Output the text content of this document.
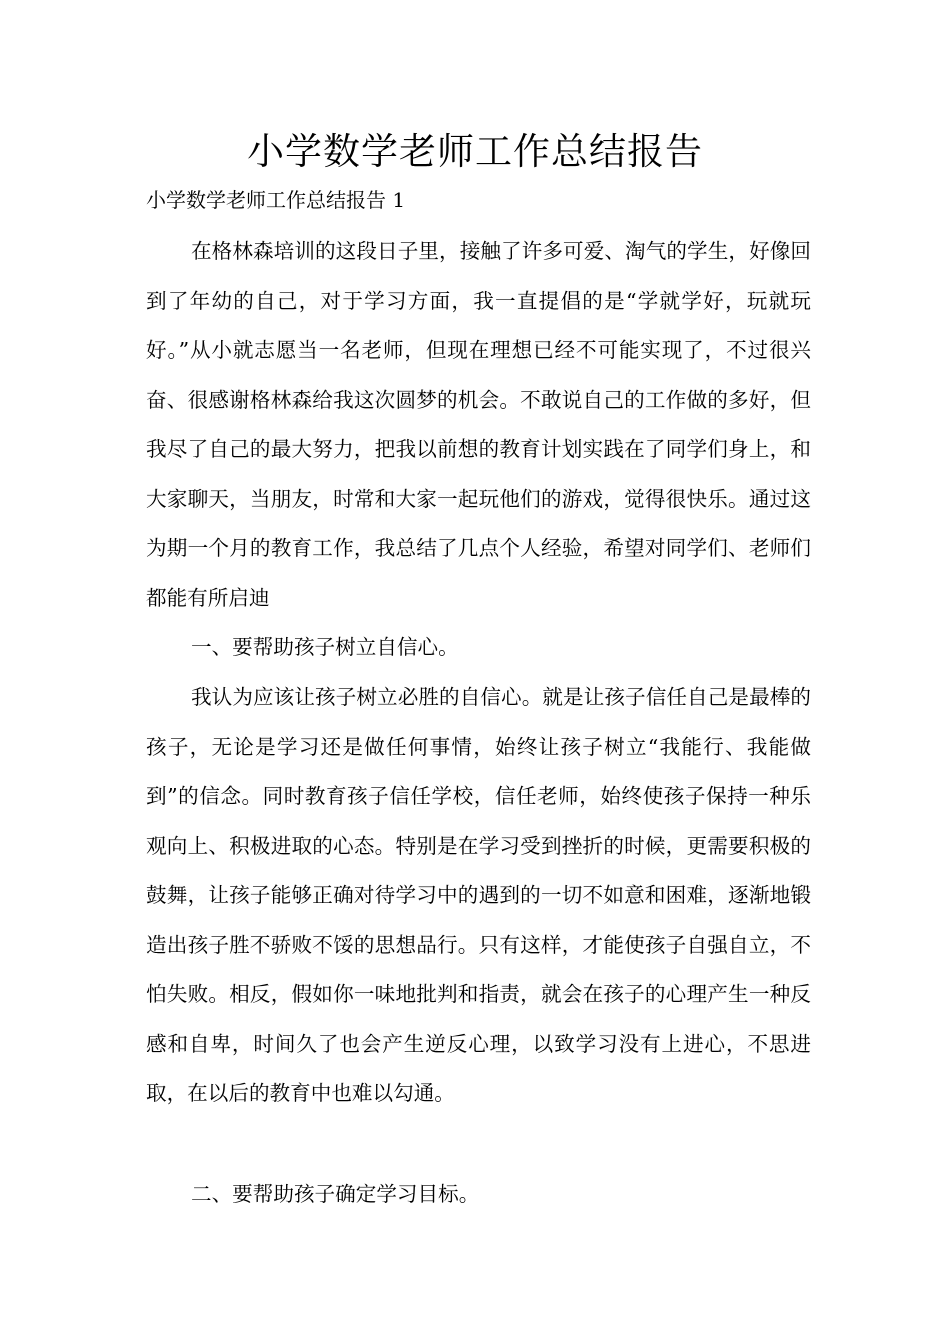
小学数学老师工作总结报告

小学数学老师工作总结报告 1

在格林森培训的这段日子里，接触了许多可爱、淘气的学生，好像回到了年幼的自己，对于学习方面，我一直提倡的是“学就学好，玩就玩好。”从小就志愿当一名老师，但现在理想已经不可能实现了，不过很兴奋、很感谢格林森给我这次圆梦的机会。不敢说自己的工作做的多好，但我尽了自己的最大努力，把我以前想的教育计划实践在了同学们身上，和大家聊天，当朋友，时常和大家一起玩他们的游戏，觉得很快乐。通过这为期一个月的教育工作，我总结了几点个人经验，希望对同学们、老师们都能有所启迪

一、要帮助孩子树立自信心。

我认为应该让孩子树立必胜的自信心。就是让孩子信任自己是最棒的孩子，无论是学习还是做任何事情，始终让孩子树立“我能行、我能做到”的信念。同时教育孩子信任学校，信任老师，始终使孩子保持一种乐观向上、积极进取的心态。特别是在学习受到挫折的时候，更需要积极的鼓舞，让孩子能够正确对待学习中的遇到的一切不如意和困难，逐渐地锻造出孩子胜不骄败不馁的思想品行。只有这样，才能使孩子自强自立，不怕失败。相反，假如你一味地批判和指责，就会在孩子的心理产生一种反感和自卑，时间久了也会产生逆反心理，以致学习没有上进心，不思进取，在以后的教育中也难以勾通。

二、要帮助孩子确定学习目标。
